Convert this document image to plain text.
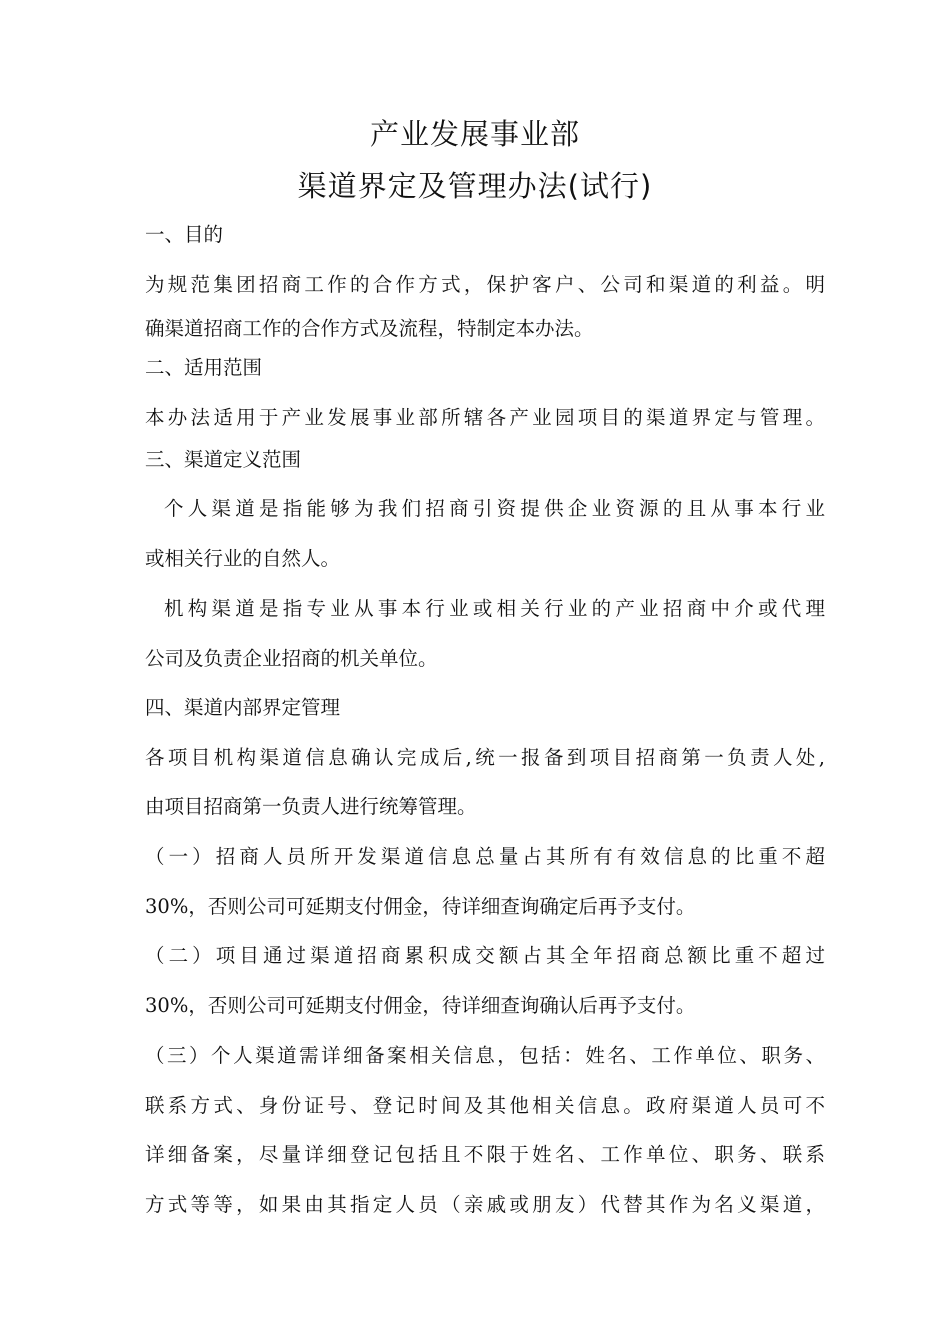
产业发展事业部
渠道界定及管理办法(试行)

一、目的

为规范集团招商工作的合作方式，保护客户、公司和渠道的利益。明

确渠道招商工作的合作方式及流程，特制定本办法。

二、适用范围

本办法适用于产业发展事业部所辖各产业园项目的渠道界定与管理。

三、渠道定义范围

个人渠道是指能够为我们招商引资提供企业资源的且从事本行业

或相关行业的自然人。

机构渠道是指专业从事本行业或相关行业的产业招商中介或代理

公司及负责企业招商的机关单位。

四、渠道内部界定管理

各项目机构渠道信息确认完成后,统一报备到项目招商第一负责人处,

由项目招商第一负责人进行统筹管理。

（一）招商人员所开发渠道信息总量占其所有有效信息的比重不超

30%，否则公司可延期支付佣金，待详细查询确定后再予支付。

（二）项目通过渠道招商累积成交额占其全年招商总额比重不超过

30%，否则公司可延期支付佣金，待详细查询确认后再予支付。

（三）个人渠道需详细备案相关信息，包括：姓名、工作单位、职务、

联系方式、身份证号、登记时间及其他相关信息。政府渠道人员可不

详细备案，尽量详细登记包括且不限于姓名、工作单位、职务、联系

方式等等，如果由其指定人员（亲戚或朋友）代替其作为名义渠道，
